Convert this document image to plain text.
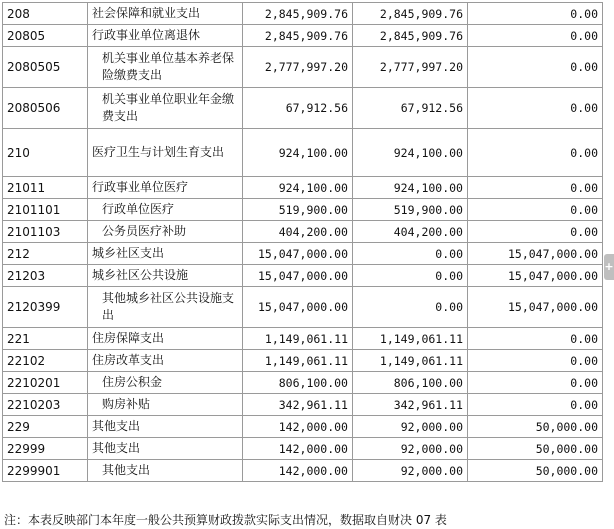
208	社会保障和就业支出	2,845,909.76	2,845,909.76	0.00
20805	行政事业单位离退休	2,845,909.76	2,845,909.76	0.00
2080505	机关事业单位基本养老保险缴费支出	2,777,997.20	2,777,997.20	0.00
2080506	机关事业单位职业年金缴费支出	67,912.56	67,912.56	0.00
210	医疗卫生与计划生育支出	924,100.00	924,100.00	0.00
21011	行政事业单位医疗	924,100.00	924,100.00	0.00
2101101	行政单位医疗	519,900.00	519,900.00	0.00
2101103	公务员医疗补助	404,200.00	404,200.00	0.00
212	城乡社区支出	15,047,000.00	0.00	15,047,000.00
21203	城乡社区公共设施	15,047,000.00	0.00	15,047,000.00
2120399	其他城乡社区公共设施支出	15,047,000.00	0.00	15,047,000.00
221	住房保障支出	1,149,061.11	1,149,061.11	0.00
22102	住房改革支出	1,149,061.11	1,149,061.11	0.00
2210201	住房公积金	806,100.00	806,100.00	0.00
2210203	购房补贴	342,961.11	342,961.11	0.00
229	其他支出	142,000.00	92,000.00	50,000.00
22999	其他支出	142,000.00	92,000.00	50,000.00
2299901	其他支出	142,000.00	92,000.00	50,000.00
注：本表反映部门本年度一般公共预算财政拨款实际支出情况，数据取自财决 07 表
+
